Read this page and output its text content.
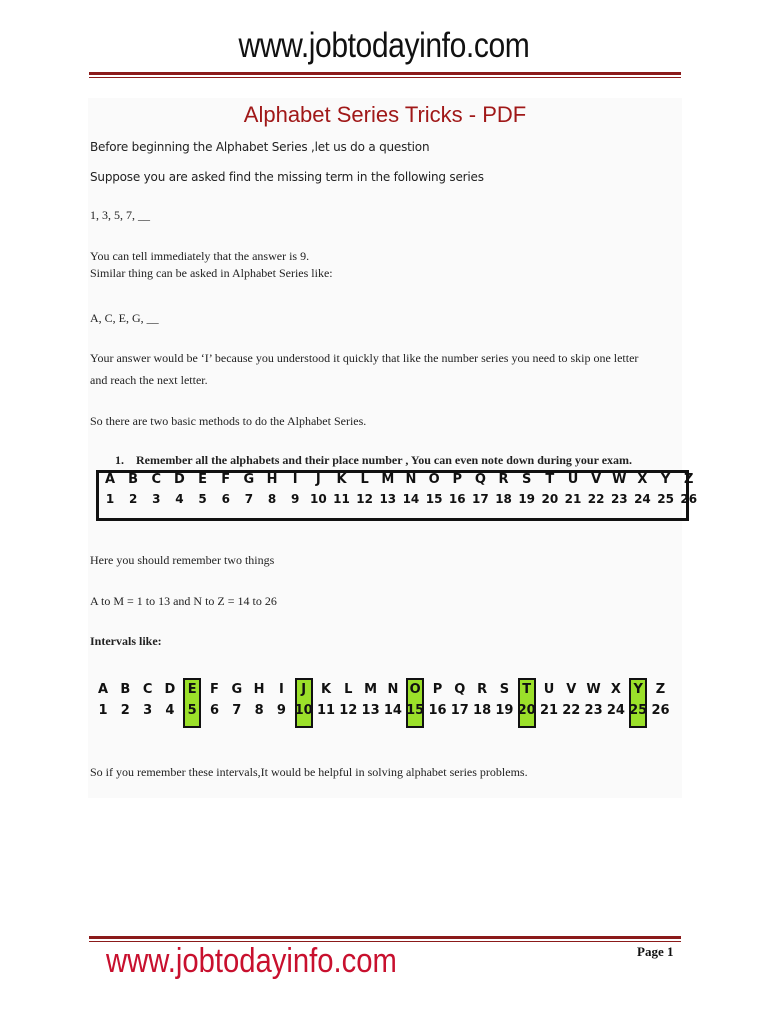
www.jobtodayinfo.com
Alphabet Series Tricks - PDF
Before beginning the Alphabet Series ,let us do a question
Suppose you are asked find the missing term in the following series
1, 3, 5, 7, __
You can tell immediately that the answer is 9.
Similar thing can be asked in Alphabet Series like:
A, C, E, G, __
Your answer would be ‘I’ because you understood it quickly that like the number series you need to skip one letter
and reach the next letter.
So there are two basic methods to do the Alphabet Series.
1. Remember all the alphabets and their place number , You can even note down during your exam.
A
1
B
2
C
3
D
4
E
5
F
6
G
7
H
8
I
9
J
10
K
11
L
12
M
13
N
14
O
15
P
16
Q
17
R
18
S
19
T
20
U
21
V
22
W
23
X
24
Y
25
Z
26
Here you should remember two things
A to M = 1 to 13 and N to Z = 14 to 26
Intervals like:
A
1
B
2
C
3
D
4
E
5
F
6
G
7
H
8
I
9
J
10
K
11
L
12
M
13
N
14
O
15
P
16
Q
17
R
18
S
19
T
20
U
21
V
22
W
23
X
24
Y
25
Z
26
So if you remember these intervals,It would be helpful in solving alphabet series problems.
www.jobtodayinfo.com	Page 1
